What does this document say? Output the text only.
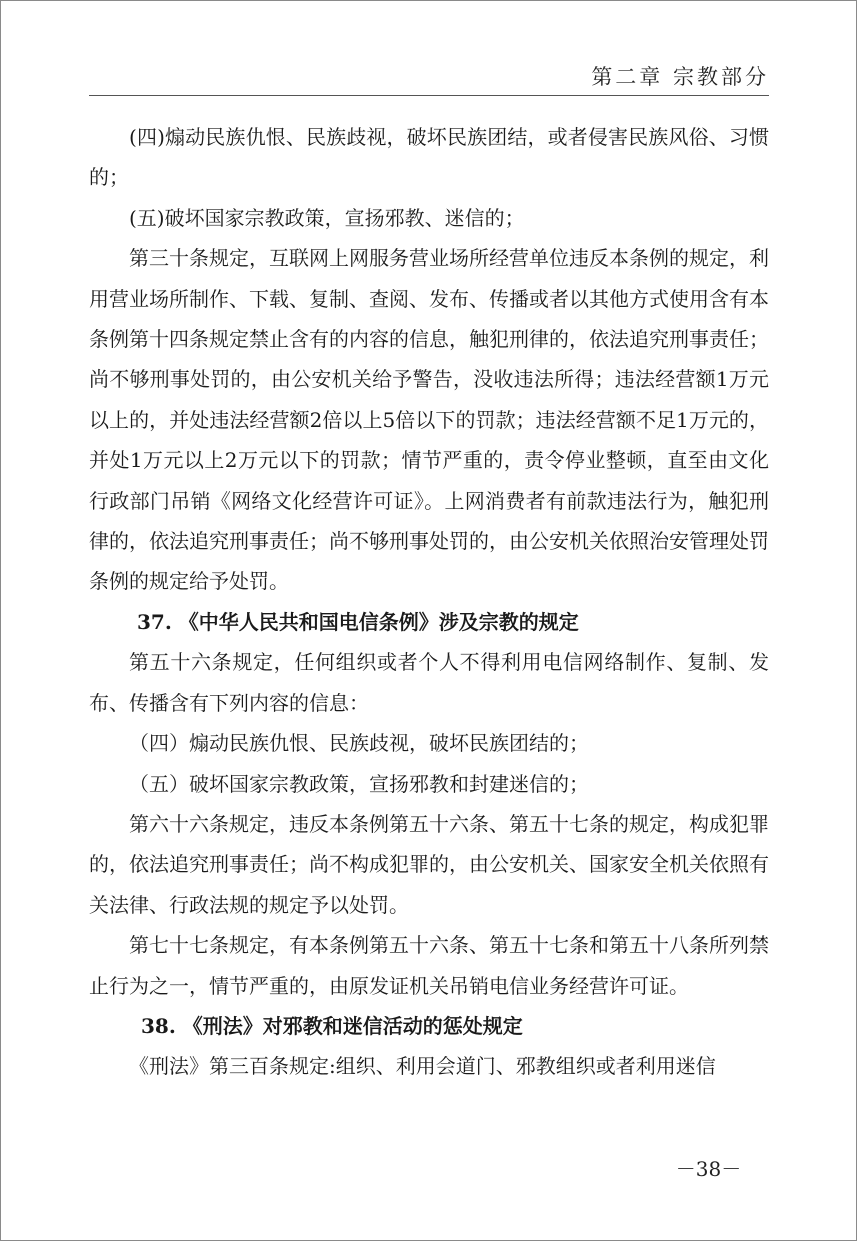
第二章 宗教部分

(四)煽动民族仇恨、民族歧视，破坏民族团结，或者侵害民族风俗、习惯的；

(五)破坏国家宗教政策，宣扬邪教、迷信的；

第三十条规定，互联网上网服务营业场所经营单位违反本条例的规定，利用营业场所制作、下载、复制、查阅、发布、传播或者以其他方式使用含有本条例第十四条规定禁止含有的内容的信息，触犯刑律的，依法追究刑事责任；尚不够刑事处罚的，由公安机关给予警告，没收违法所得；违法经营额1万元以上的，并处违法经营额2倍以上5倍以下的罚款；违法经营额不足1万元的，并处1万元以上2万元以下的罚款；情节严重的，责令停业整顿，直至由文化行政部门吊销《网络文化经营许可证》。上网消费者有前款违法行为，触犯刑律的，依法追究刑事责任；尚不够刑事处罚的，由公安机关依照治安管理处罚条例的规定给予处罚。

37. 《中华人民共和国电信条例》涉及宗教的规定

第五十六条规定，任何组织或者个人不得利用电信网络制作、复制、发布、传播含有下列内容的信息：

（四）煽动民族仇恨、民族歧视，破坏民族团结的；

（五）破坏国家宗教政策，宣扬邪教和封建迷信的；

第六十六条规定，违反本条例第五十六条、第五十七条的规定，构成犯罪的，依法追究刑事责任；尚不构成犯罪的，由公安机关、国家安全机关依照有关法律、行政法规的规定予以处罚。

第七十七条规定，有本条例第五十六条、第五十七条和第五十八条所列禁止行为之一，情节严重的，由原发证机关吊销电信业务经营许可证。

38. 《刑法》对邪教和迷信活动的惩处规定

《刑法》第三百条规定:组织、利用会道门、邪教组织或者利用迷信

－38－
